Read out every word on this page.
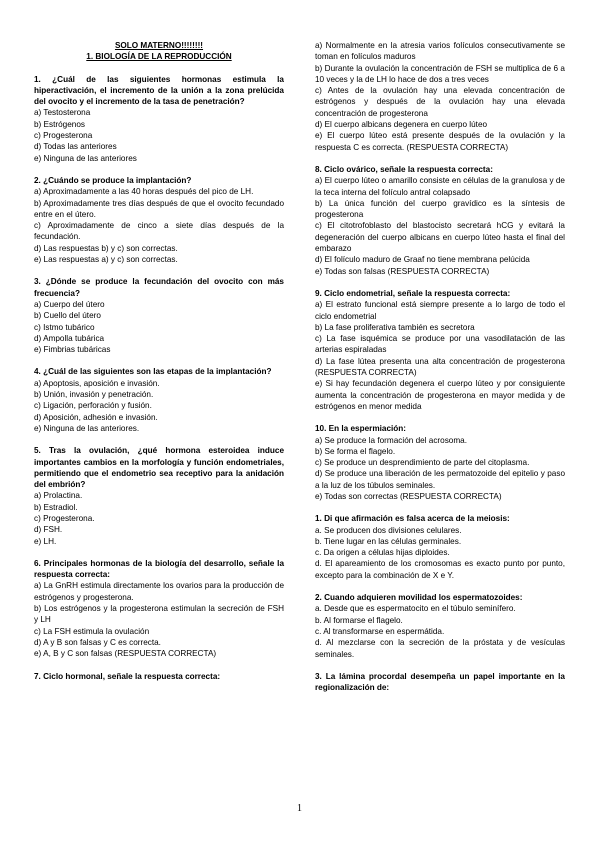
SOLO MATERNO!!!!!!!!
1. BIOLOGÍA DE LA REPRODUCCIÓN
1. ¿Cuál de las siguientes hormonas estimula la hiperactivación, el incremento de la unión a la zona prelúcida del ovocito y el incremento de la tasa de penetración?
a) Testosterona
b) Estrógenos
c) Progesterona
d) Todas las anteriores
e) Ninguna de las anteriores
2. ¿Cuándo se produce la implantación?
a) Aproximadamente a las 40 horas después del pico de LH.
b) Aproximadamente tres días después de que el ovocito fecundado entre en el útero.
c) Aproximadamente de cinco a siete días después de la fecundación.
d) Las respuestas b) y c) son correctas.
e) Las respuestas a) y c) son correctas.
3. ¿Dónde se produce la fecundación del ovocito con más frecuencia?
a) Cuerpo del útero
b) Cuello del útero
c) Istmo tubárico
d) Ampolla tubárica
e) Fimbrias tubáricas
4. ¿Cuál de las siguientes son las etapas de la implantación?
a) Apoptosis, aposición e invasión.
b) Unión, invasión y penetración.
c) Ligación, perforación y fusión.
d) Aposición, adhesión e invasión.
e) Ninguna de las anteriores.
5. Tras la ovulación, ¿qué hormona esteroidea induce importantes cambios en la morfología y función endometriales, permitiendo que el endometrio sea receptivo para la anidación del embrión?
a) Prolactina.
b) Estradiol.
c) Progesterona.
d) FSH.
e) LH.
6. Principales hormonas de la biología del desarrollo, señale la respuesta correcta:
a) La GnRH estimula directamente los ovarios para la producción de estrógenos y progesterona.
b) Los estrógenos y la progesterona estimulan la secreción de FSH y LH
c) La FSH estimula la ovulación
d) A y B son falsas y C es correcta.
e) A, B y C son falsas (RESPUESTA CORRECTA)
7. Ciclo hormonal, señale la respuesta correcta:
a) Normalmente en la atresia varios folículos consecutivamente se toman en folículos maduros
b) Durante la ovulación la concentración de FSH se multiplica de 6 a 10 veces y la de LH lo hace de dos a tres veces
c) Antes de la ovulación hay una elevada concentración de estrógenos y después de la ovulación hay una elevada concentración de progesterona
d) El cuerpo albicans degenera en cuerpo lúteo
e) El cuerpo lúteo está presente después de la ovulación y la respuesta C es correcta. (RESPUESTA CORRECTA)
8. Ciclo ovárico, señale la respuesta correcta:
a) El cuerpo lúteo o amarillo consiste en células de la granulosa y de la teca interna del folículo antral colapsado
b) La única función del cuerpo gravídico es la síntesis de progesterona
c) El citotrofoblasto del blastocisto secretará hCG y evitará la degeneración del cuerpo albicans en cuerpo lúteo hasta el final del embarazo
d) El folículo maduro de Graaf no tiene membrana pelúcida
e) Todas son falsas (RESPUESTA CORRECTA)
9. Ciclo endometrial, señale la respuesta correcta:
a) El estrato funcional está siempre presente a lo largo de todo el ciclo endometrial
b) La fase proliferativa también es secretora
c) La fase isquémica se produce por una vasodilatación de las arterias espiraladas
d) La fase lútea presenta una alta concentración de progesterona (RESPUESTA CORRECTA)
e) Si hay fecundación degenera el cuerpo lúteo y por consiguiente aumenta la concentración de progesterona en mayor medida y de estrógenos en menor medida
10. En la espermiación:
a) Se produce la formación del acrosoma.
b) Se forma el flagelo.
c) Se produce un desprendimiento de parte del citoplasma.
d) Se produce una liberación de les permatozoide del epitelio y paso a la luz de los túbulos seminales.
e) Todas son correctas (RESPUESTA CORRECTA)
1. Di que afirmación es falsa acerca de la meiosis:
a. Se producen dos divisiones celulares.
b. Tiene lugar en las células germinales.
c. Da origen a células hijas diploides.
d. El apareamiento de los cromosomas es exacto punto por punto, excepto para la combinación de X e Y.
2. Cuando adquieren movilidad los espermatozoides:
a. Desde que es espermatocito en el túbulo seminífero.
b. Al formarse el flagelo.
c. Al transformarse en espermátida.
d. Al mezclarse con la secreción de la próstata y de vesículas seminales.
3. La lámina procordal desempeña un papel importante en la regionalización de:
1
